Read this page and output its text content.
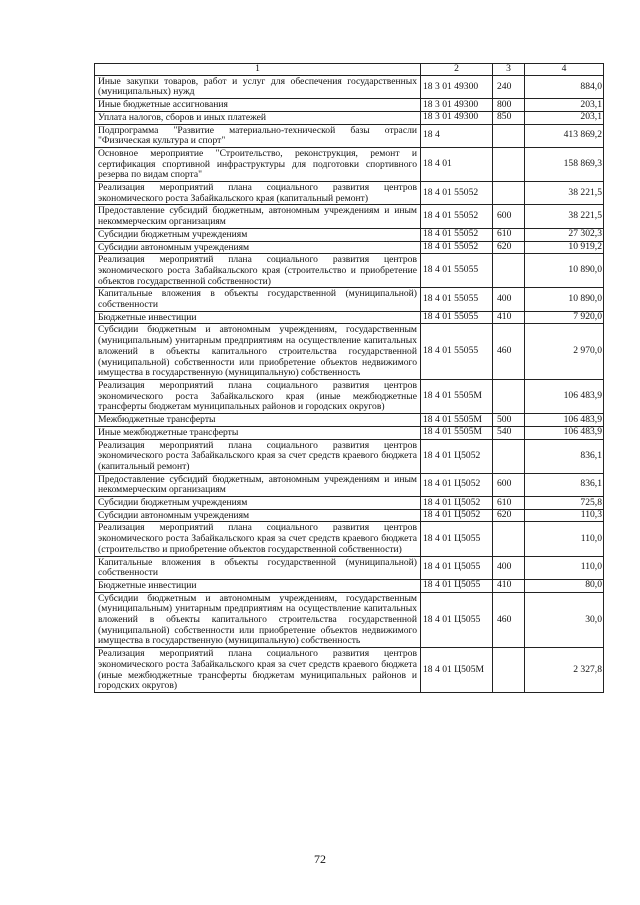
1	2	3	4
Иные закупки товаров, работ и услуг для обеспечения государственных (муниципальных) нужд	18 3 01 49300	240	884,0
Иные бюджетные ассигнования	18 3 01 49300	800	203,1
Уплата налогов, сборов и иных платежей	18 3 01 49300	850	203,1
Подпрограмма "Развитие материально-технической базы отрасли "Физическая культура и спорт"	18 4		413 869,2
Основное мероприятие "Строительство, реконструкция, ремонт и сертификация спортивной инфраструктуры для подготовки спортивного резерва по видам спорта"	18 4 01		158 869,3
Реализация мероприятий плана социального развития центров экономического роста Забайкальского края (капитальный ремонт)	18 4 01 55052		38 221,5
Предоставление субсидий бюджетным, автономным учреждениям и иным некоммерческим организациям	18 4 01 55052	600	38 221,5
Субсидии бюджетным учреждениям	18 4 01 55052	610	27 302,3
Субсидии автономным учреждениям	18 4 01 55052	620	10 919,2
Реализация мероприятий плана социального развития центров экономического роста Забайкальского края (строительство и приобретение объектов государственной собственности)	18 4 01 55055		10 890,0
Капитальные вложения в объекты государственной (муниципальной) собственности	18 4 01 55055	400	10 890,0
Бюджетные инвестиции	18 4 01 55055	410	7 920,0
Субсидии бюджетным и автономным учреждениям, государственным (муниципальным) унитарным предприятиям на осуществление капитальных вложений в объекты капитального строительства государственной (муниципальной) собственности или приобретение объектов недвижимого имущества в государственную (муниципальную) собственность	18 4 01 55055	460	2 970,0
Реализация мероприятий плана социального развития центров экономического роста Забайкальского края (иные межбюджетные трансферты бюджетам муниципальных районов и городских округов)	18 4 01 5505М		106 483,9
Межбюджетные трансферты	18 4 01 5505М	500	106 483,9
Иные межбюджетные трансферты	18 4 01 5505М	540	106 483,9
Реализация мероприятий плана социального развития центров экономического роста Забайкальского края за счет средств краевого бюджета (капитальный ремонт)	18 4 01 Ц5052		836,1
Предоставление субсидий бюджетным, автономным учреждениям и иным некоммерческим организациям	18 4 01 Ц5052	600	836,1
Субсидии бюджетным учреждениям	18 4 01 Ц5052	610	725,8
Субсидии автономным учреждениям	18 4 01 Ц5052	620	110,3
Реализация мероприятий плана социального развития центров экономического роста Забайкальского края за счет средств краевого бюджета (строительство и приобретение объектов государственной собственности)	18 4 01 Ц5055		110,0
Капитальные вложения в объекты государственной (муниципальной) собственности	18 4 01 Ц5055	400	110,0
Бюджетные инвестиции	18 4 01 Ц5055	410	80,0
Субсидии бюджетным и автономным учреждениям, государственным (муниципальным) унитарным предприятиям на осуществление капитальных вложений в объекты капитального строительства государственной (муниципальной) собственности или приобретение объектов недвижимого имущества в государственную (муниципальную) собственность	18 4 01 Ц5055	460	30,0
Реализация мероприятий плана социального развития центров экономического роста Забайкальского края за счет средств краевого бюджета (иные межбюджетные трансферты бюджетам муниципальных районов и городских округов)	18 4 01 Ц505М		2 327,8
72
